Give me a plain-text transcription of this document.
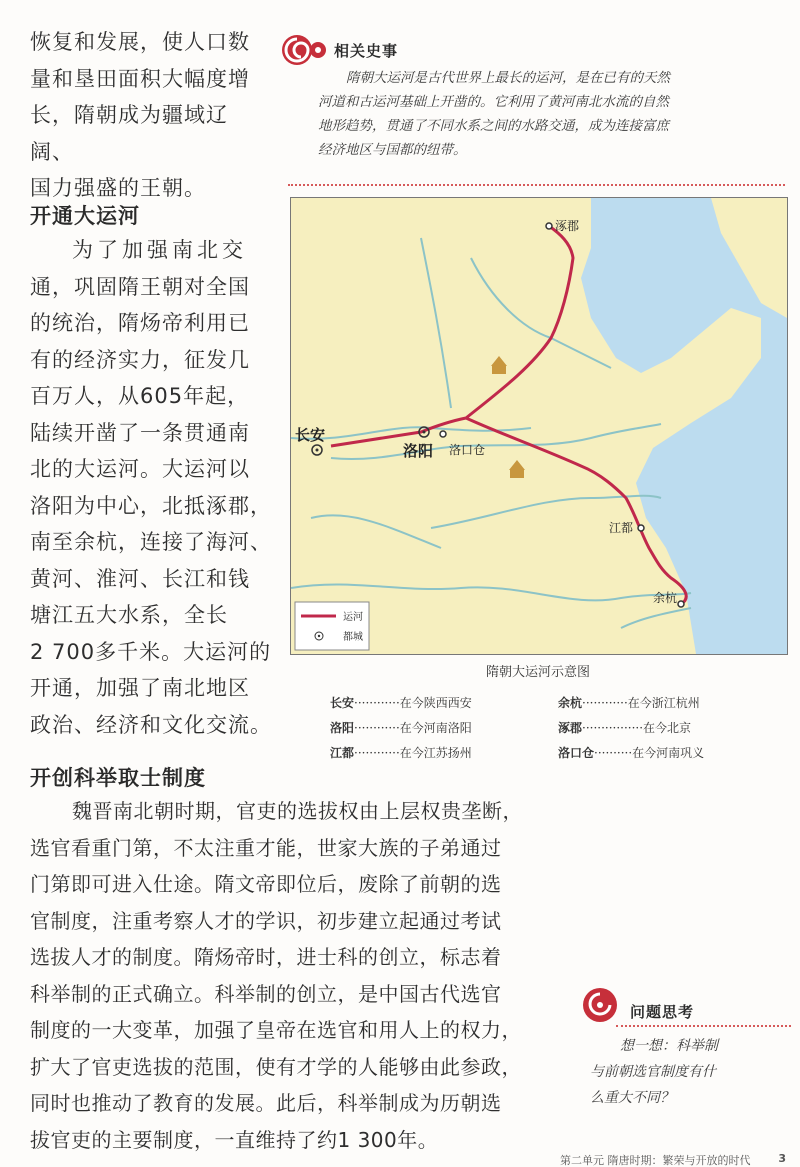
恢复和发展，使人口数
量和垦田面积大幅度增
长，隋朝成为疆域辽阔、
国力强盛的王朝。
开通大运河
为了加强南北交
通，巩固隋王朝对全国
的统治，隋炀帝利用已
有的经济实力，征发几
百万人，从605年起，
陆续开凿了一条贯通南
北的大运河。大运河以
洛阳为中心，北抵涿郡，
南至余杭，连接了海河、
黄河、淮河、长江和钱
塘江五大水系，全长
2 700多千米。大运河的
开通，加强了南北地区
政治、经济和文化交流。
相关史事
隋朝大运河是古代世界上最长的运河，是在已有的天然
河道和古运河基础上开凿的。它利用了黄河南北水流的自然
地形趋势，贯通了不同水系之间的水路交通，成为连接富庶
经济地区与国都的纽带。
涿郡
长安
洛阳 洛口仓
江都
余杭
运河
都城
隋朝大运河示意图
长安············在今陕西西安	余杭············在今浙江杭州
洛阳············在今河南洛阳	涿郡················在今北京
江都············在今江苏扬州	洛口仓··········在今河南巩义
开创科举取士制度
魏晋南北朝时期，官吏的选拔权由上层权贵垄断，
选官看重门第，不太注重才能，世家大族的子弟通过
门第即可进入仕途。隋文帝即位后，废除了前朝的选
官制度，注重考察人才的学识，初步建立起通过考试
选拔人才的制度。隋炀帝时，进士科的创立，标志着
科举制的正式确立。科举制的创立，是中国古代选官
制度的一大变革，加强了皇帝在选官和用人上的权力，
扩大了官吏选拔的范围，使有才学的人能够由此参政，
同时也推动了教育的发展。此后，科举制成为历朝选
拔官吏的主要制度，一直维持了约1 300年。
问题思考
想一想：科举制
与前朝选官制度有什
么重大不同？
第二单元 隋唐时期：繁荣与开放的时代	3
